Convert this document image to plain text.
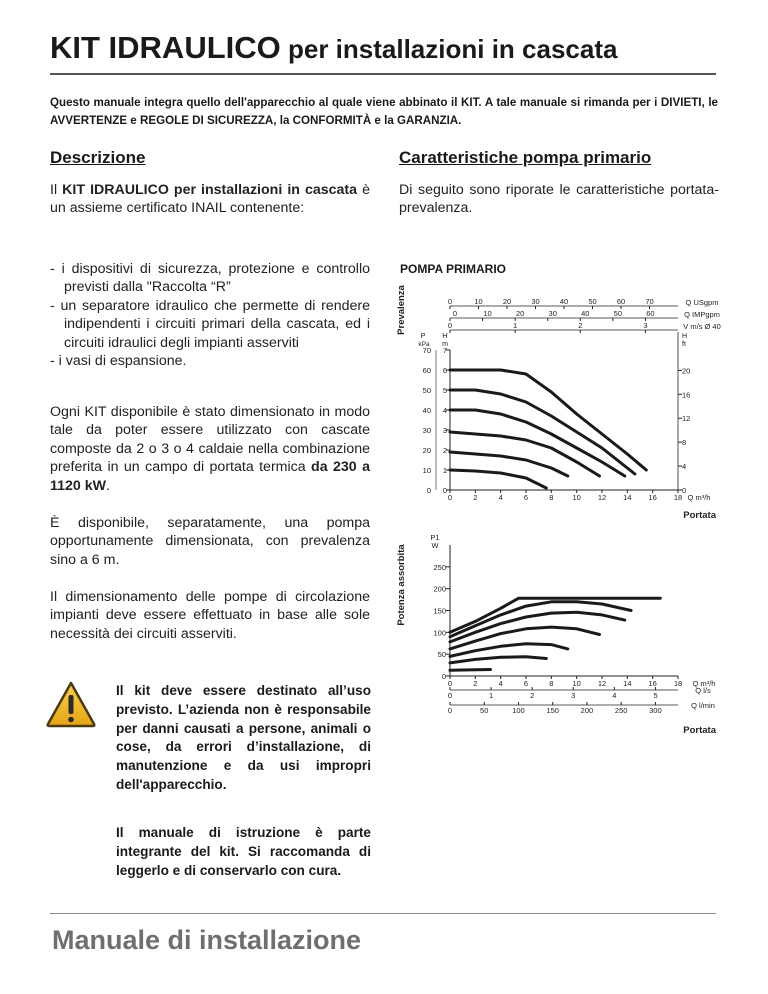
KIT IDRAULICO per installazioni in cascata
Questo manuale integra quello dell'apparecchio al quale viene abbinato il KIT. A tale manuale si rimanda per i DIVIETI, le AVVERTENZE e REGOLE DI SICUREZZA, la CONFORMITÀ e la GARANZIA.
Descrizione
Il KIT IDRAULICO per installazioni in cascata è un assieme certificato INAIL contenente:
- i dispositivi di sicurezza, protezione e controllo previsti dalla "Raccolta “R”
- un separatore idraulico che permette di rendere indipendenti i circuiti primari della cascata, ed i circuiti idraulici degli impianti asserviti
- i vasi di espansione.
Ogni KIT disponibile è stato dimensionato in modo tale da poter essere utilizzato con cascate composte da 2 o 3 o 4 caldaie nella combinazione preferita in un campo di portata termica da 230 a 1120 kW.
È disponibile, separatamente, una pompa opportunamente dimensionata, con prevalenza sino a 6 m.
Il dimensionamento delle pompe di circolazione impianti deve essere effettuato in base alle sole necessità dei circuiti asserviti.
Il kit deve essere destinato all’uso previsto. L’azienda non è responsabile per danni causati a persone, animali o cose, da errori d’installazione, di manutenzione e da usi impropri dell'apparecchio.
Il manuale di istruzione è parte integrante del kit. Si raccomanda di leggerlo e di conservarlo con cura.
Caratteristiche pompa primario
Di seguito sono riporate le caratteristiche portata-prevalenza.
POMPA PRIMARIO
0
10
20
30
40
50
60
70
0
1
2
3
4
5
6
7
0
4
8
12
16
20
P
kPa
H
m
H
ft
0	2	4	6	8	10 12 14 16 18 Q m³/h
0	10	20	30	40	50	60	70	Q USgpm
0	10	20	30	40	50	60	Q IMPgpm
0	1	2	3	V m/s Ø 40
Portata
Prevalenza
0
50
100
150
200
250
P1
W
0	2	4	6	8	10 12 14 16 18 Q m³/h
0	1	2	3	4	5
Q l/s
0	50	100	150	200	250	300
Q l/min
Portata
Potenza assorbita
Manuale di installazione
